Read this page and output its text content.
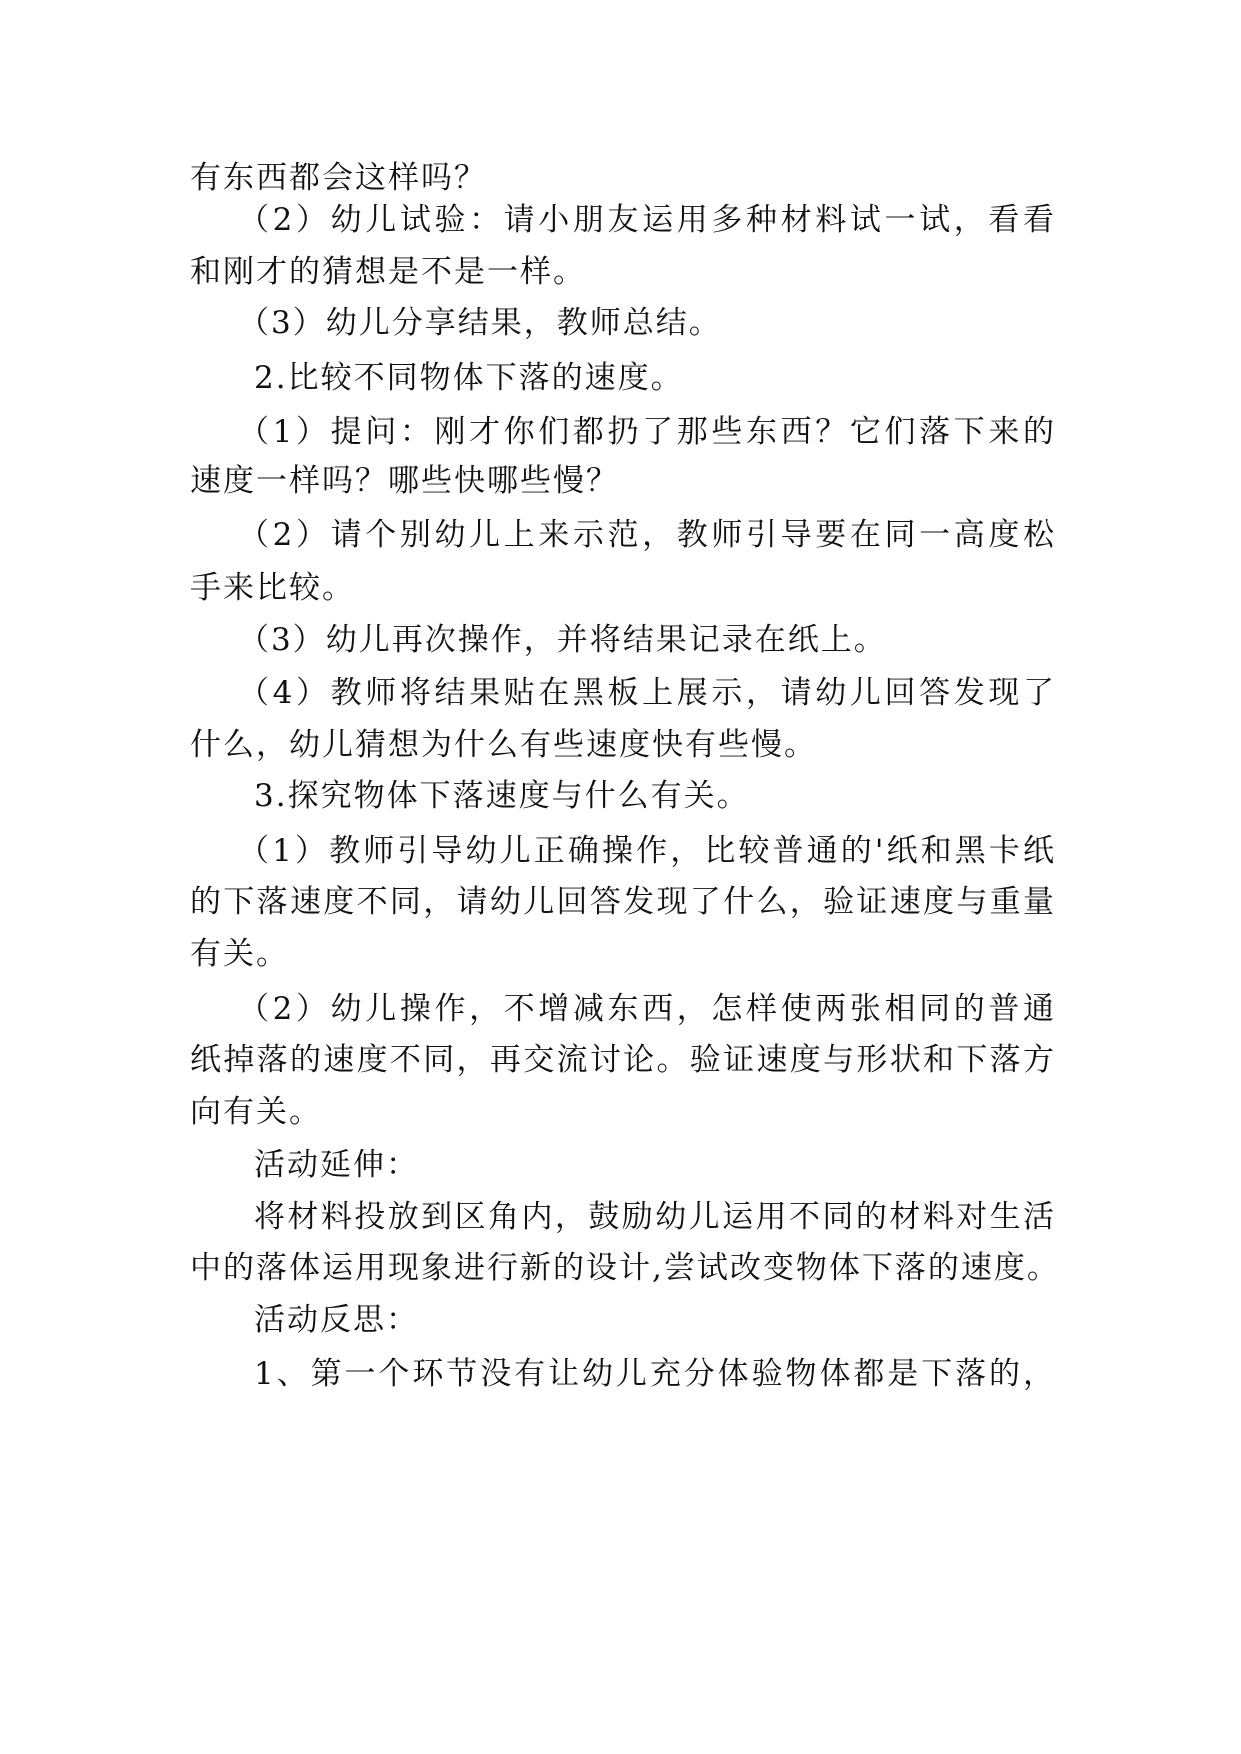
有东西都会这样吗？
（2）幼儿试验：请小朋友运用多种材料试一试，看看
和刚才的猜想是不是一样。
（3）幼儿分享结果，教师总结。
2.比较不同物体下落的速度。
（1）提问：刚才你们都扔了那些东西？它们落下来的
速度一样吗？哪些快哪些慢？
（2）请个别幼儿上来示范，教师引导要在同一高度松
手来比较。
（3）幼儿再次操作，并将结果记录在纸上。
（4）教师将结果贴在黑板上展示，请幼儿回答发现了
什么，幼儿猜想为什么有些速度快有些慢。
3.探究物体下落速度与什么有关。
（1）教师引导幼儿正确操作，比较普通的'纸和黑卡纸
的下落速度不同，请幼儿回答发现了什么，验证速度与重量
有关。
（2）幼儿操作，不增减东西，怎样使两张相同的普通
纸掉落的速度不同，再交流讨论。验证速度与形状和下落方
向有关。
活动延伸：
将材料投放到区角内，鼓励幼儿运用不同的材料对生活
中的落体运用现象进行新的设计,尝试改变物体下落的速度。
活动反思：
1、第一个环节没有让幼儿充分体验物体都是下落的，
